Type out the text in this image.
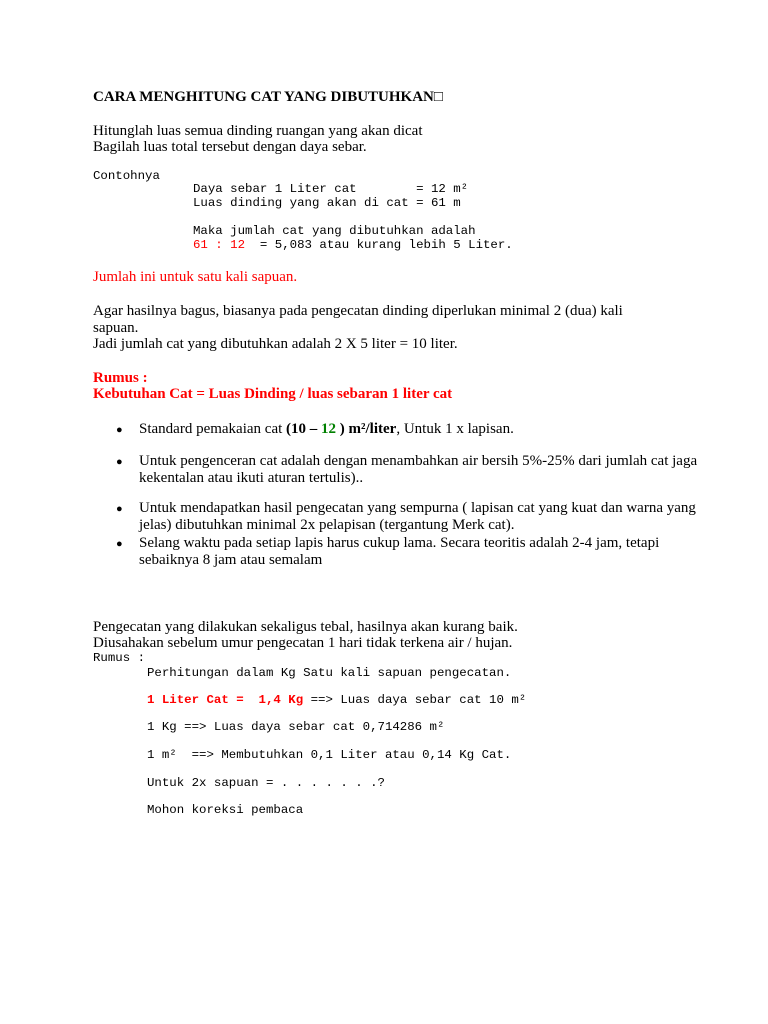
CARA MENGHITUNG CAT YANG DIBUTUHKAN□
Hitunglah luas semua dinding ruangan yang akan dicat
Bagilah luas total tersebut dengan daya sebar.
Contohnya
Daya sebar 1 Liter cat        = 12 m²
Luas dinding yang akan di cat = 61 m
Maka jumlah cat yang dibutuhkan adalah
61 : 12  = 5,083 atau kurang lebih 5 Liter.
Jumlah ini untuk satu kali sapuan.
Agar hasilnya bagus, biasanya pada pengecatan dinding diperlukan minimal 2 (dua) kali
sapuan.
Jadi jumlah cat yang dibutuhkan adalah 2 X 5 liter = 10 liter.
Rumus :
Kebutuhan Cat = Luas Dinding / luas sebaran 1 liter cat
● Standard pemakaian cat (10 – 12 ) m²/liter, Untuk 1 x lapisan.
● Untuk pengenceran cat adalah dengan menambahkan air bersih 5%-25% dari jumlah cat jaga kekentalan atau ikuti aturan tertulis)..
● Untuk mendapatkan hasil pengecatan yang sempurna ( lapisan cat yang kuat dan warna yang jelas) dibutuhkan minimal 2x pelapisan (tergantung Merk cat).
● Selang waktu pada setiap lapis harus cukup lama. Secara teoritis adalah 2-4 jam, tetapi sebaiknya 8 jam atau semalam
Pengecatan yang dilakukan sekaligus tebal, hasilnya akan kurang baik.
Diusahakan sebelum umur pengecatan 1 hari tidak terkena air / hujan.
Rumus :
Perhitungan dalam Kg Satu kali sapuan pengecatan.
1 Liter Cat =  1,4 Kg ==> Luas daya sebar cat 10 m²
1 Kg ==> Luas daya sebar cat 0,714286 m²
1 m²  ==> Membutuhkan 0,1 Liter atau 0,14 Kg Cat.
Untuk 2x sapuan = . . . . . . .?
Mohon koreksi pembaca
